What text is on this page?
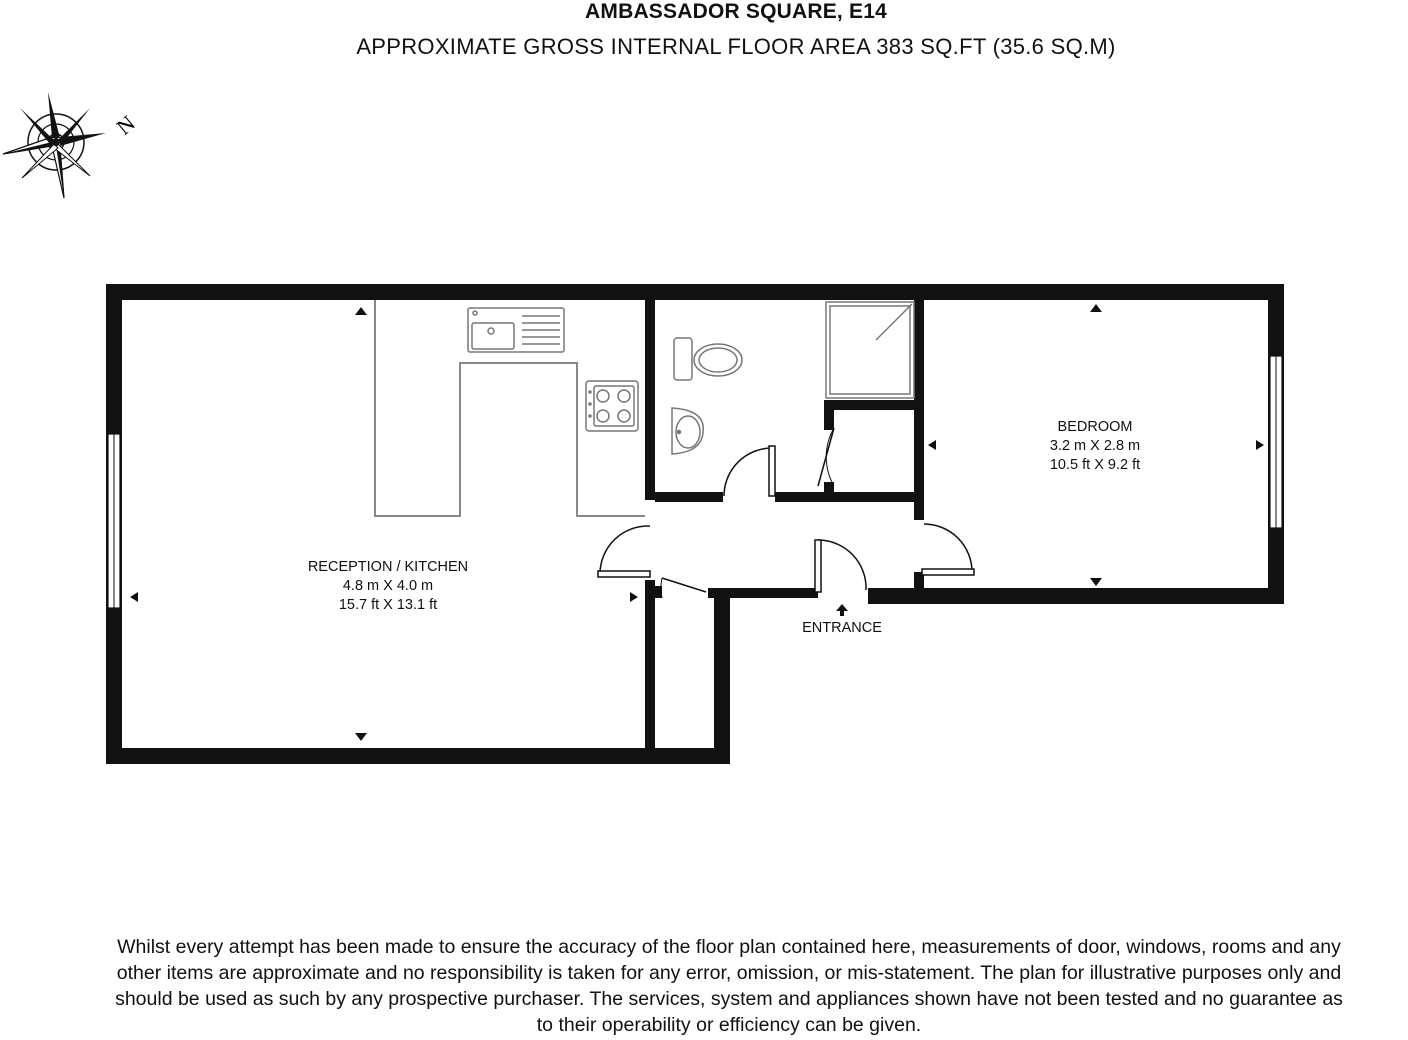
AMBASSADOR SQUARE, E14
APPROXIMATE GROSS INTERNAL FLOOR AREA 383 SQ.FT (35.6 SQ.M)
N
RECEPTION / KITCHEN
4.8 m X 4.0 m
15.7 ft X 13.1 ft
BEDROOM
3.2 m X 2.8 m
10.5 ft X 9.2 ft
ENTRANCE
Whilst every attempt has been made to ensure the accuracy of the floor plan contained here, measurements of door, windows, rooms and any
other items are approximate and no responsibility is taken for any error, omission, or mis-statement. The plan for illustrative purposes only and
should be used as such by any prospective purchaser. The services, system and appliances shown have not been tested and no guarantee as
to their operability or efficiency can be given.
